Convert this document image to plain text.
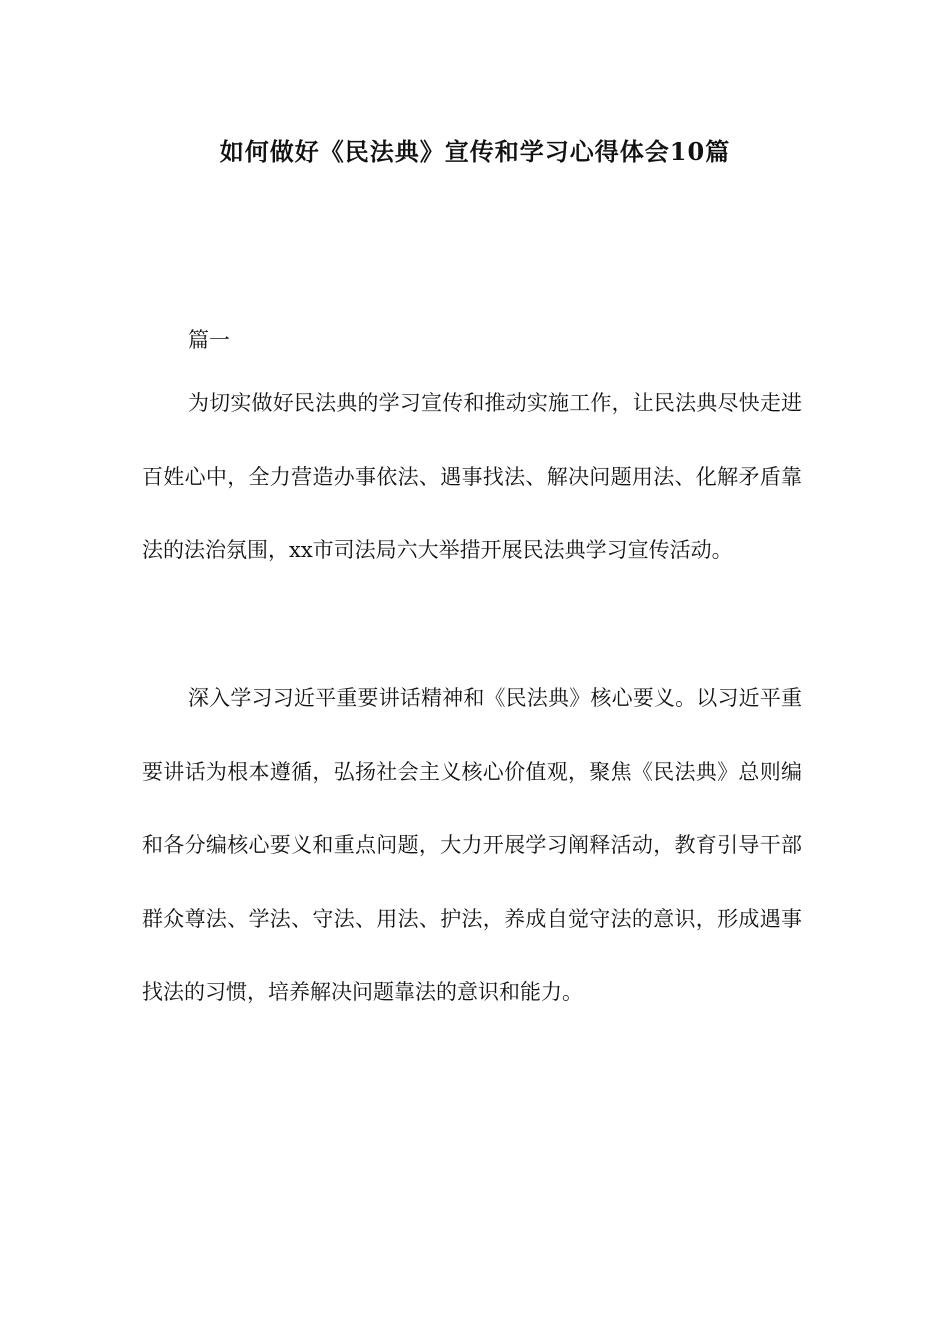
如何做好《民法典》宣传和学习心得体会10篇

篇一

为切实做好民法典的学习宣传和推动实施工作，让民法典尽快走进百姓心中，全力营造办事依法、遇事找法、解决问题用法、化解矛盾靠法的法治氛围，xx市司法局六大举措开展民法典学习宣传活动。

深入学习习近平重要讲话精神和《民法典》核心要义。以习近平重要讲话为根本遵循，弘扬社会主义核心价值观，聚焦《民法典》总则编和各分编核心要义和重点问题，大力开展学习阐释活动，教育引导干部群众尊法、学法、守法、用法、护法，养成自觉守法的意识，形成遇事找法的习惯，培养解决问题靠法的意识和能力。
